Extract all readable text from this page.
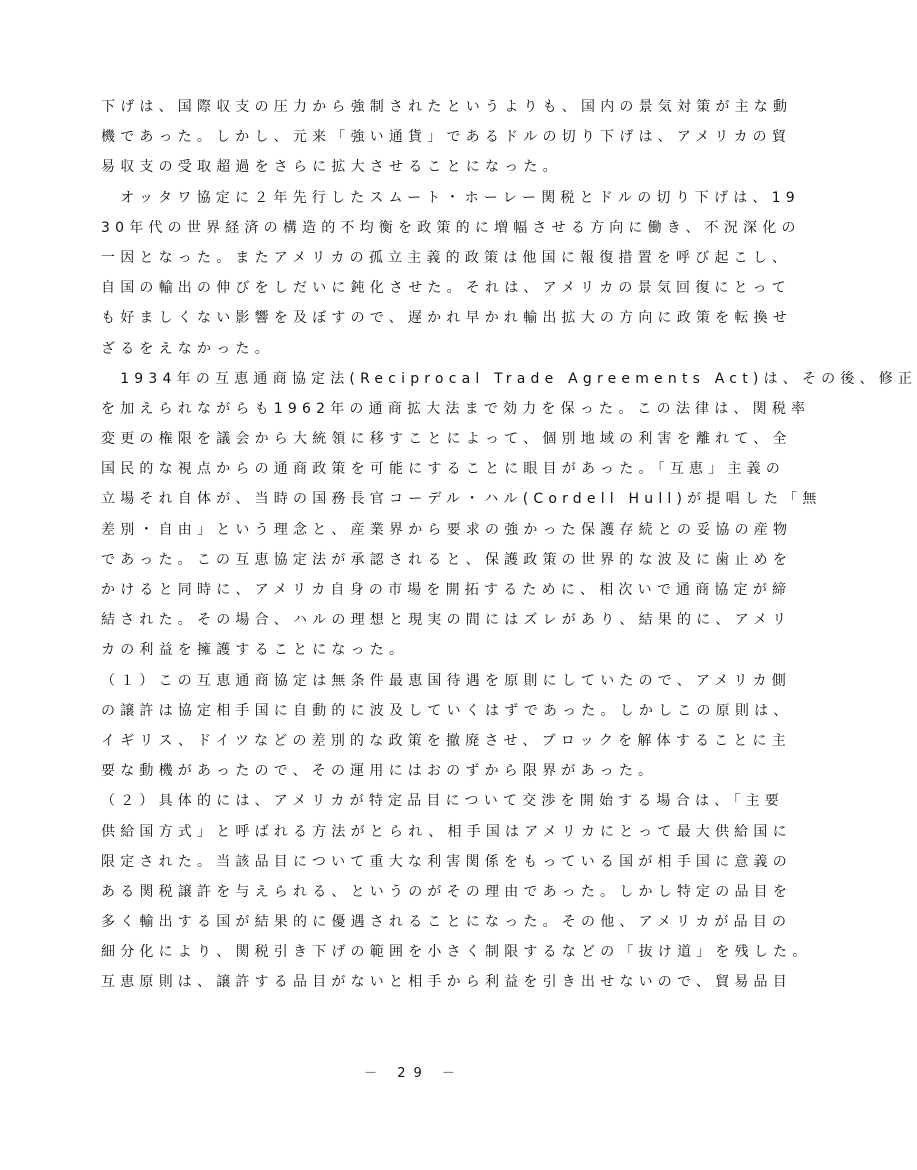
下げは、国際収支の圧力から強制されたというよりも、国内の景気対策が主な動
機であった。しかし、元来「強い通貨」であるドルの切り下げは、アメリカの貿
易収支の受取超過をさらに拡大させることになった。
　オッタワ協定に２年先行したスムート・ホーレー関税とドルの切り下げは、19
30年代の世界経済の構造的不均衡を政策的に増幅させる方向に働き、不況深化の
一因となった。またアメリカの孤立主義的政策は他国に報復措置を呼び起こし、
自国の輸出の伸びをしだいに鈍化させた。それは、アメリカの景気回復にとって
も好ましくない影響を及ぼすので、遅かれ早かれ輸出拡大の方向に政策を転換せ
ざるをえなかった。
　1934年の互恵通商協定法(Reciprocal Trade Agreements Act)は、その後、修正
を加えられながらも1962年の通商拡大法まで効力を保った。この法律は、関税率
変更の権限を議会から大統領に移すことによって、個別地域の利害を離れて、全
国民的な視点からの通商政策を可能にすることに眼目があった。「互恵」主義の
立場それ自体が、当時の国務長官コーデル・ハル(Cordell Hull)が提唱した「無
差別・自由」という理念と、産業界から要求の強かった保護存続との妥協の産物
であった。この互恵協定法が承認されると、保護政策の世界的な波及に歯止めを
かけると同時に、アメリカ自身の市場を開拓するために、相次いで通商協定が締
結された。その場合、ハルの理想と現実の間にはズレがあり、結果的に、アメリ
カの利益を擁護することになった。
（１）この互恵通商協定は無条件最恵国待遇を原則にしていたので、アメリカ側
の譲許は協定相手国に自動的に波及していくはずであった。しかしこの原則は、
イギリス、ドイツなどの差別的な政策を撤廃させ、ブロックを解体することに主
要な動機があったので、その運用にはおのずから限界があった。
（２）具体的には、アメリカが特定品目について交渉を開始する場合は、「主要
供給国方式」と呼ばれる方法がとられ、相手国はアメリカにとって最大供給国に
限定された。当該品目について重大な利害関係をもっている国が相手国に意義の
ある関税譲許を与えられる、というのがその理由であった。しかし特定の品目を
多く輸出する国が結果的に優遇されることになった。その他、アメリカが品目の
細分化により、関税引き下げの範囲を小さく制限するなどの「抜け道」を残した。
互恵原則は、譲許する品目がないと相手から利益を引き出せないので、貿易品目
－ 29 －
